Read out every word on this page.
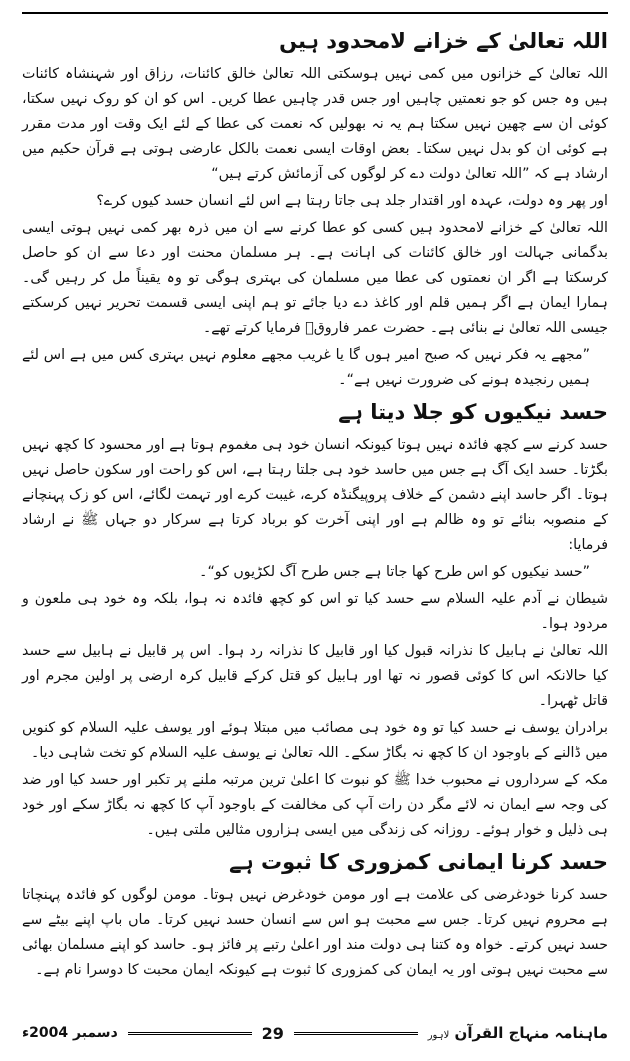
اللہ تعالیٰ کے خزانے لامحدود ہیں

اللہ تعالیٰ کے خزانوں میں کمی نہیں ہوسکتی اللہ تعالیٰ خالق کائنات، رزاق اور شہنشاہ کائنات ہیں وہ جس کو جو نعمتیں چاہیں اور جس قدر چاہیں عطا کریں۔ اس کو ان کو روک نہیں سکتا، کوئی ان سے چھین نہیں سکتا ہم یہ نہ بھولیں کہ نعمت کی عطا کے لئے ایک وقت اور مدت مقرر ہے کوئی ان کو بدل نہیں سکتا۔ بعض اوقات ایسی نعمت بالکل عارضی ہوتی ہے قرآن حکیم میں ارشاد ہے کہ ”اللہ تعالیٰ دولت دے کر لوگوں کی آزمائش کرتے ہیں“

اور پھر وہ دولت، عہدہ اور اقتدار جلد ہی جاتا رہتا ہے اس لئے انسان حسد کیوں کرے؟

اللہ تعالیٰ کے خزانے لامحدود ہیں کسی کو عطا کرنے سے ان میں ذرہ بھر کمی نہیں ہوتی ایسی بدگمانی جہالت اور خالق کائنات کی اہانت ہے۔ ہر مسلمان محنت اور دعا سے ان کو حاصل کرسکتا ہے اگر ان نعمتوں کی عطا میں مسلمان کی بہتری ہوگی تو وہ یقیناً مل کر رہیں گی۔ ہمارا ایمان ہے اگر ہمیں قلم اور کاغذ دے دیا جائے تو ہم اپنی ایسی قسمت تحریر نہیں کرسکتے جیسی اللہ تعالیٰ نے بنائی ہے۔ حضرت عمر فاروقؓ فرمایا کرتے تھے۔

”مجھے یہ فکر نہیں کہ صبح امیر ہوں گا یا غریب مجھے معلوم نہیں بہتری کس میں ہے اس لئے ہمیں رنجیدہ ہونے کی ضرورت نہیں ہے“۔

حسد نیکیوں کو جلا دیتا ہے

حسد کرنے سے کچھ فائدہ نہیں ہوتا کیونکہ انسان خود ہی مغموم ہوتا ہے اور محسود کا کچھ نہیں بگڑتا۔ حسد ایک آگ ہے جس میں حاسد خود ہی جلتا رہتا ہے، اس کو راحت اور سکون حاصل نہیں ہوتا۔ اگر حاسد اپنے دشمن کے خلاف پروپیگنڈہ کرے، غیبت کرے اور تہمت لگائے، اس کو زک پہنچانے کے منصوبہ بنائے تو وہ ظالم ہے اور اپنی آخرت کو برباد کرتا ہے سرکار دو جہاں ﷺ نے ارشاد فرمایا:

”حسد نیکیوں کو اس طرح کھا جاتا ہے جس طرح آگ لکڑیوں کو“۔

شیطان نے آدم علیہ السلام سے حسد کیا تو اس کو کچھ فائدہ نہ ہوا، بلکہ وہ خود ہی ملعون و مردود ہوا۔

اللہ تعالیٰ نے ہابیل کا نذرانہ قبول کیا اور قابیل کا نذرانہ رد ہوا۔ اس پر قابیل نے ہابیل سے حسد کیا حالانکہ اس کا کوئی قصور نہ تھا اور ہابیل کو قتل کرکے قابیل کرہ ارضی پر اولین مجرم اور قاتل ٹھہرا۔

برادران یوسف نے حسد کیا تو وہ خود ہی مصائب میں مبتلا ہوئے اور یوسف علیہ السلام کو کنویں میں ڈالنے کے باوجود ان کا کچھ نہ بگاڑ سکے۔ اللہ تعالیٰ نے یوسف علیہ السلام کو تخت شاہی دیا۔

مکہ کے سرداروں نے محبوب خدا ﷺ کو نبوت کا اعلیٰ ترین مرتبہ ملنے پر تکبر اور حسد کیا اور ضد کی وجہ سے ایمان نہ لائے مگر دن رات آپ کی مخالفت کے باوجود آپ کا کچھ نہ بگاڑ سکے اور خود ہی ذلیل و خوار ہوئے۔ روزانہ کی زندگی میں ایسی ہزاروں مثالیں ملتی ہیں۔

حسد کرنا ایمانی کمزوری کا ثبوت ہے

حسد کرنا خودغرضی کی علامت ہے اور مومن خودغرض نہیں ہوتا۔ مومن لوگوں کو فائدہ پہنچاتا ہے محروم نہیں کرتا۔ جس سے محبت ہو اس سے انسان حسد نہیں کرتا۔ ماں باپ اپنے بیٹے سے حسد نہیں کرتے۔ خواہ وہ کتنا ہی دولت مند اور اعلیٰ رتبے پر فائز ہو۔ حاسد کو اپنے مسلمان بھائی سے محبت نہیں ہوتی اور یہ ایمان کی کمزوری کا ثبوت ہے کیونکہ ایمان محبت کا دوسرا نام ہے۔

ماہنامہ منہاج القرآن لاہور
29
دسمبر 2004ء
